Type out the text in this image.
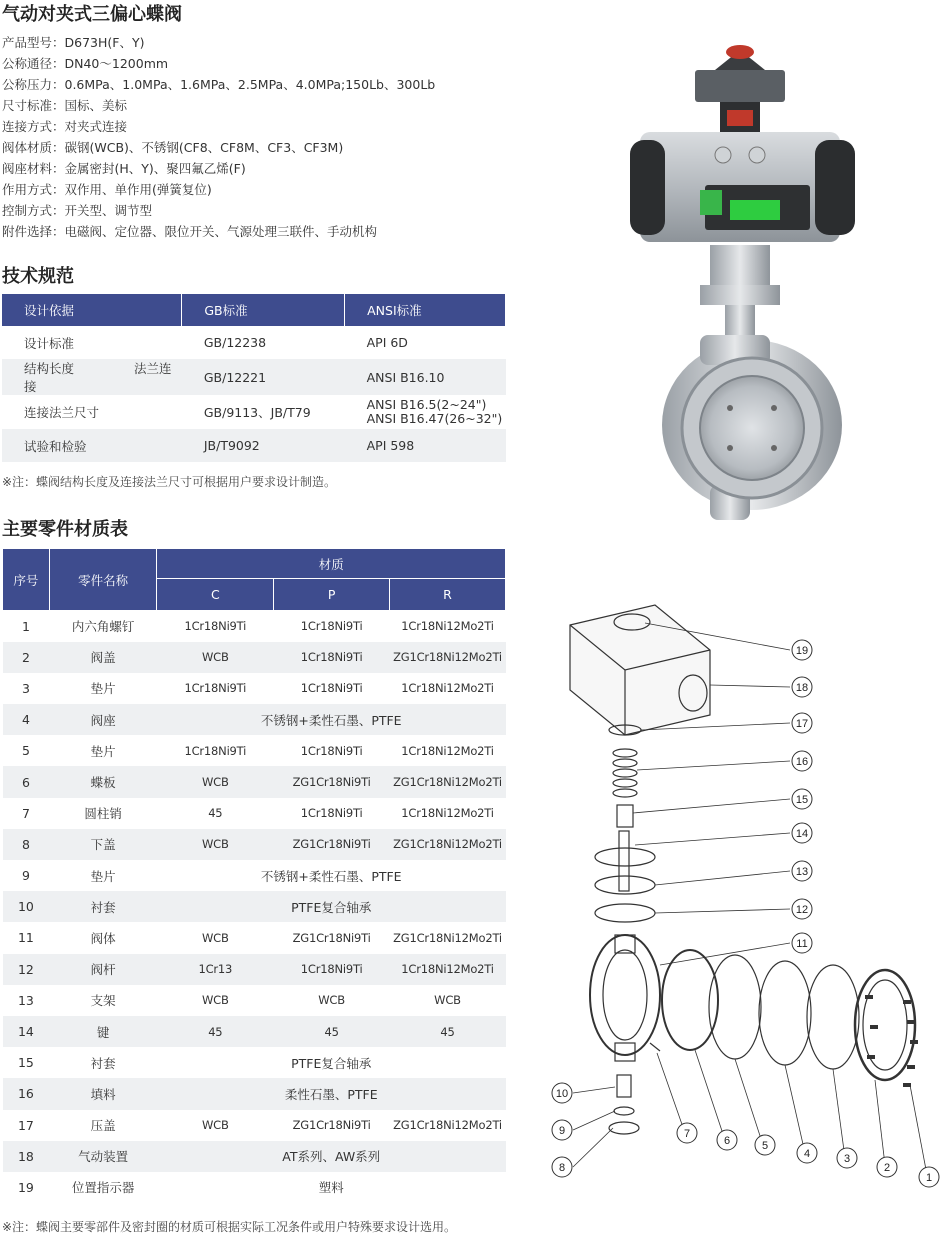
气动对夹式三偏心蝶阀
产品型号：D673H(F、Y)
公称通径：DN40～1200mm
公称压力：0.6MPa、1.0MPa、1.6MPa、2.5MPa、4.0MPa;150Lb、300Lb
尺寸标准：国标、美标
连接方式：对夹式连接
阀体材质：碳钢(WCB)、不锈钢(CF8、CF8M、CF3、CF3M)
阀座材料：金属密封(H、Y)、聚四氟乙烯(F)
作用方式：双作用、单作用(弹簧复位)
控制方式：开关型、调节型
附件选择：电磁阀、定位器、限位开关、气源处理三联件、手动机构
技术规范
设计依据	GB标准	ANSI标准
设计标准	GB/12238	API 6D
结构长度 法兰连接	GB/12221	ANSI B16.10
连接法兰尺寸	GB/9113、JB/T79	ANSI B16.5(2~24")
ANSI B16.47(26~32")

试验和检验	JB/T9092	API 598
※注：蝶阀结构长度及连接法兰尺寸可根据用户要求设计制造。
主要零件材质表
序号	零件名称	材质		
		C	P	R
1	内六角螺钉	1Cr18Ni9Ti	1Cr18Ni9Ti	1Cr18Ni12Mo2Ti
2	阀盖	WCB	1Cr18Ni9Ti	ZG1Cr18Ni12Mo2Ti
3	垫片	1Cr18Ni9Ti	1Cr18Ni9Ti	1Cr18Ni12Mo2Ti
4	阀座	不锈钢+柔性石墨、PTFE		
5	垫片	1Cr18Ni9Ti	1Cr18Ni9Ti	1Cr18Ni12Mo2Ti
6	蝶板	WCB	ZG1Cr18Ni9Ti	ZG1Cr18Ni12Mo2Ti
7	圆柱销	45	1Cr18Ni9Ti	1Cr18Ni12Mo2Ti
8	下盖	WCB	ZG1Cr18Ni9Ti	ZG1Cr18Ni12Mo2Ti
9	垫片	不锈钢+柔性石墨、PTFE		
10	衬套	PTFE复合轴承		
11	阀体	WCB	ZG1Cr18Ni9Ti	ZG1Cr18Ni12Mo2Ti
12	阀杆	1Cr13	1Cr18Ni9Ti	1Cr18Ni12Mo2Ti
13	支架	WCB	WCB	WCB
14	键	45	45	45
15	衬套	PTFE复合轴承		
16	填料	柔性石墨、PTFE		
17	压盖	WCB	ZG1Cr18Ni9Ti	ZG1Cr18Ni12Mo2Ti
18	气动装置	AT系列、AW系列		
19	位置指示器	塑料		
※注：蝶阀主要零部件及密封圈的材质可根据实际工况条件或用户特殊要求设计选用。
19
18
17
16
15
14
13
12
11
10
9
8
7
6	5
4	3
2
1
